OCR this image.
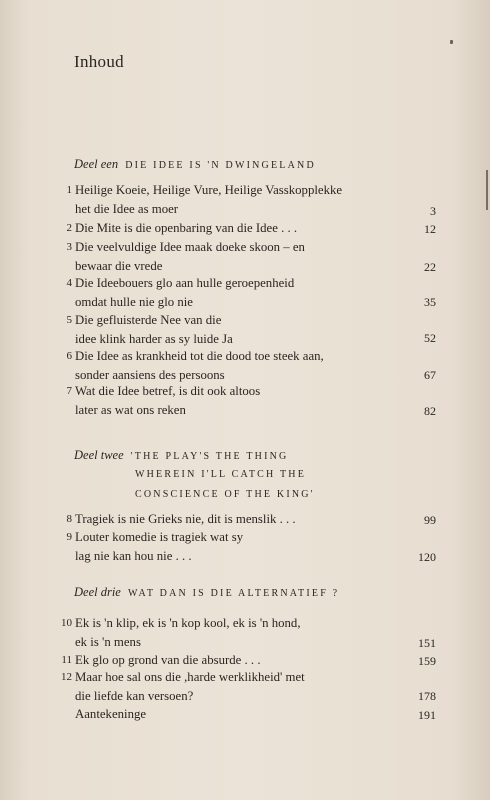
Inhoud
Deel een DIE IDEE IS 'N DWINGELAND
1 Heilige Koeie, Heilige Vure, Heilige Vasskopplekke
het die Idee as moer	3
2 Die Mite is die openbaring van die Idee . . .	12
3 Die veelvuldige Idee maak doeke skoon – en
bewaar die vrede	22
4 Die Ideebouers glo aan hulle geroepenheid
omdat hulle nie glo nie	35
5 Die gefluisterde Nee van die
idee klink harder as sy luide Ja	52
6 Die Idee as krankheid tot die dood toe steek aan,
sonder aansiens des persoons	67
7 Wat die Idee betref, is dit ook altoos
later as wat ons reken	82
Deel twee 'THE PLAY'S THE THING
WHEREIN I'LL CATCH THE
CONSCIENCE OF THE KING'
8 Tragiek is nie Grieks nie, dit is menslik . . .	99
9 Louter komedie is tragiek wat sy
lag nie kan hou nie . . .	120
Deel drie WAT DAN IS DIE ALTERNATIEF ?
10 Ek is 'n klip, ek is 'n kop kool, ek is 'n hond,
ek is 'n mens	151
11 Ek glo op grond van die absurde . . .	159
12 Maar hoe sal ons die ,harde werklikheid' met
die liefde kan versoen?	178
Aantekeninge	191
